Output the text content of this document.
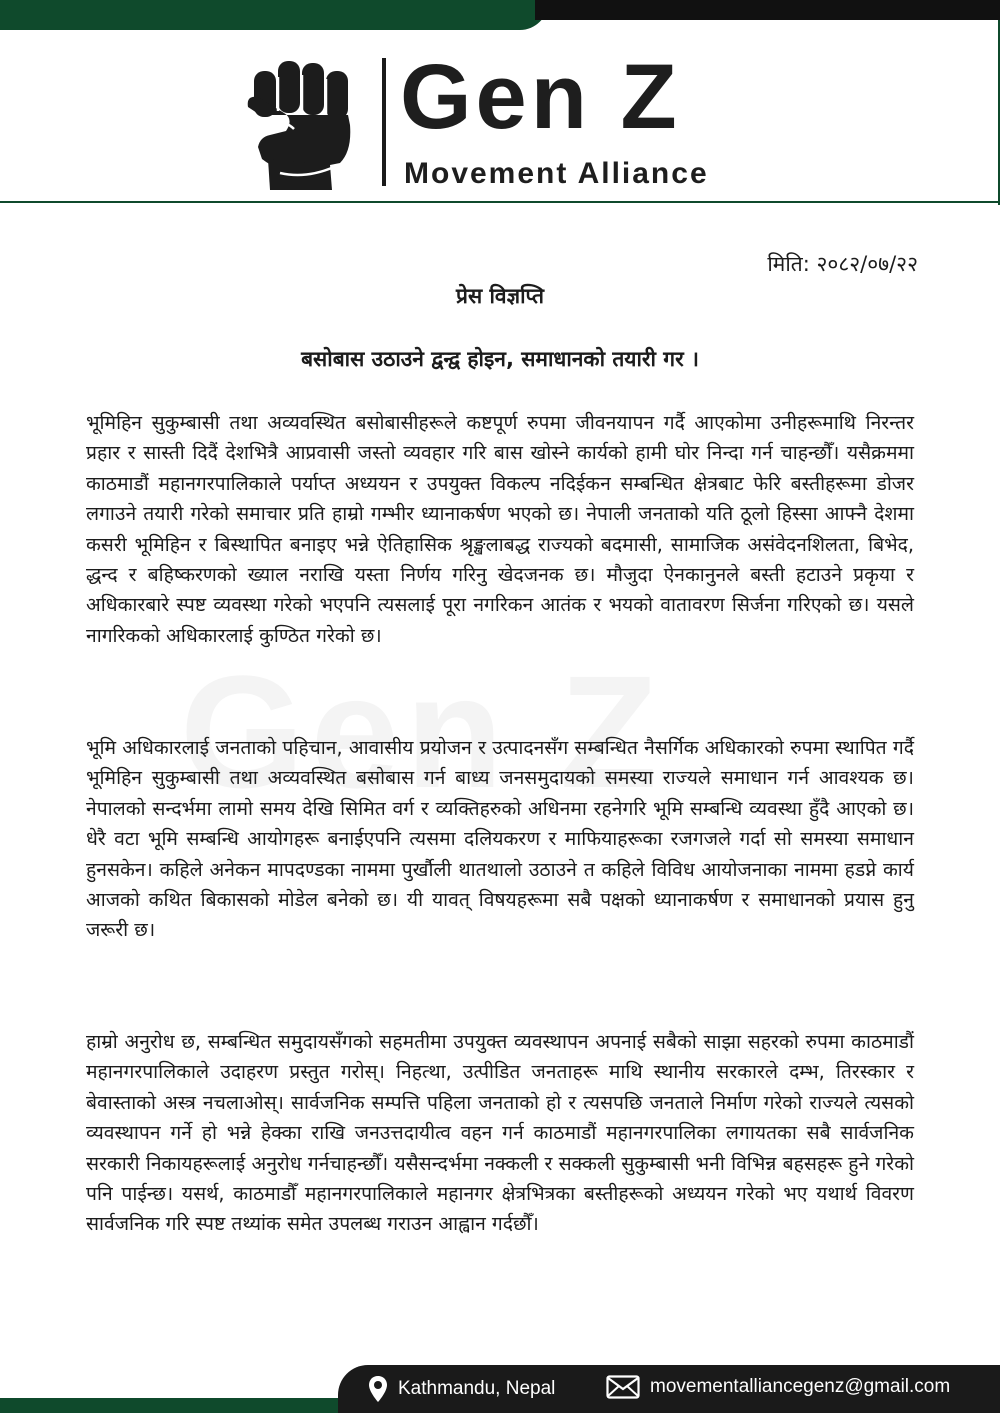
Gen Z
Movement Alliance
मिति: २०८२/०७/२२
प्रेस विज्ञप्ति
बसोबास उठाउने द्वन्द्व होइन, समाधानको तयारी गर ।

भूमिहिन सुकुम्बासी तथा अव्यवस्थित बसोबासीहरूले कष्टपूर्ण रुपमा जीवनयापन गर्दै आएकोमा उनीहरूमाथि निरन्तर प्रहार र सास्ती दिदैं देशभित्रै आप्रवासी जस्तो व्यवहार गरि बास खोस्ने कार्यको हामी घोर निन्दा गर्न चाहन्छौँ। यसैक्रममा काठमाडौं महानगरपालिकाले पर्याप्त अध्ययन र उपयुक्त विकल्प नदिईकन सम्बन्धित क्षेत्रबाट फेरि बस्तीहरूमा डोजर लगाउने तयारी गरेको समाचार प्रति हाम्रो गम्भीर ध्यानाकर्षण भएको छ। नेपाली जनताको यति ठूलो हिस्सा आफ्नै देशमा कसरी भूमिहिन र बिस्थापित बनाइए भन्ने ऐतिहासिक श्रृङ्खलाबद्ध राज्यको बदमासी, सामाजिक असंवेदनशिलता, बिभेद, द्धन्द र बहिष्करणको ख्याल नराखि यस्ता निर्णय गरिनु खेदजनक छ। मौजुदा ऐनकानुनले बस्ती हटाउने प्रकृया र अधिकारबारे स्पष्ट व्यवस्था गरेको भएपनि त्यसलाई पूरा नगरिकन आतंक र भयको वातावरण सिर्जना गरिएको छ। यसले नागरिकको अधिकारलाई कुण्ठित गरेको छ।

भूमि अधिकारलाई जनताको पहिचान, आवासीय प्रयोजन र उत्पादनसँग सम्बन्धित नैसर्गिक अधिकारको रुपमा स्थापित गर्दै भूमिहिन सुकुम्बासी तथा अव्यवस्थित बसोबास गर्न बाध्य जनसमुदायको समस्या राज्यले समाधान गर्न आवश्यक छ। नेपालको सन्दर्भमा लामो समय देखि सिमित वर्ग र व्यक्तिहरुको अधिनमा रहनेगरि भूमि सम्बन्धि व्यवस्था हुँदै आएको छ। धेरै वटा भूमि सम्बन्धि आयोगहरू बनाईएपनि त्यसमा दलियकरण र माफियाहरूका रजगजले गर्दा सो समस्या समाधान हुनसकेन। कहिले अनेकन मापदण्डका नाममा पुर्खौली थातथालो उठाउने त कहिले विविध आयोजनाका नाममा हडप्ने कार्य आजको कथित बिकासको मोडेल बनेको छ। यी यावत् विषयहरूमा सबै पक्षको ध्यानाकर्षण र समाधानको प्रयास हुनु जरूरी छ।

हाम्रो अनुरोध छ, सम्बन्धित समुदायसँगको सहमतीमा उपयुक्त व्यवस्थापन अपनाई सबैको साझा सहरको रुपमा काठमाडौं महानगरपालिकाले उदाहरण प्रस्तुत गरोस्। निहत्था, उत्पीडित जनताहरू माथि स्थानीय सरकारले दम्भ, तिरस्कार र बेवास्ताको अस्त्र नचलाओस्। सार्वजनिक सम्पत्ति पहिला जनताको हो र त्यसपछि जनताले निर्माण गरेको राज्यले त्यसको व्यवस्थापन गर्ने हो भन्ने हेक्का राखि जनउत्तदायीत्व वहन गर्न काठमाडौं महानगरपालिका लगायतका सबै सार्वजनिक सरकारी निकायहरूलाई अनुरोध गर्नचाहन्छौँ। यसैसन्दर्भमा नक्कली र सक्कली सुकुम्बासी भनी विभिन्न बहसहरू हुने गरेको पनि पाईन्छ। यसर्थ, काठमाडौँ महानगरपालिकाले महानगर क्षेत्रभित्रका बस्तीहरूको अध्ययन गरेको भए यथार्थ विवरण सार्वजनिक गरि स्पष्ट तथ्यांक समेत उपलब्ध गराउन आह्वान गर्दछौँ।

Kathmandu, Nepal	movementalliancegenz@gmail.com
